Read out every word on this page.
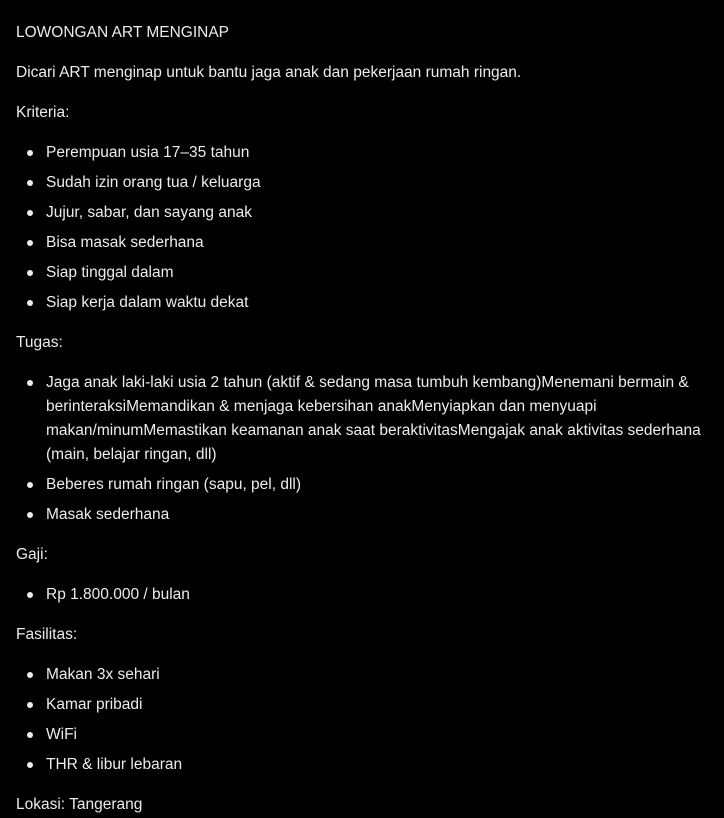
LOWONGAN ART MENGINAP

Dicari ART menginap untuk bantu jaga anak dan pekerjaan rumah ringan.

Kriteria:

Perempuan usia 17–35 tahun
Sudah izin orang tua / keluarga
Jujur, sabar, dan sayang anak
Bisa masak sederhana
Siap tinggal dalam
Siap kerja dalam waktu dekat

Tugas:

Jaga anak laki-laki usia 2 tahun (aktif & sedang masa tumbuh kembang)Menemani bermain & berinteraksiMemandikan & menjaga kebersihan anakMenyiapkan dan menyuapi makan/minumMemastikan keamanan anak saat beraktivitasMengajak anak aktivitas sederhana (main, belajar ringan, dll)
Beberes rumah ringan (sapu, pel, dll)
Masak sederhana

Gaji:

Rp 1.800.000 / bulan

Fasilitas:

Makan 3x sehari
Kamar pribadi
WiFi
THR & libur lebaran

Lokasi: Tangerang
